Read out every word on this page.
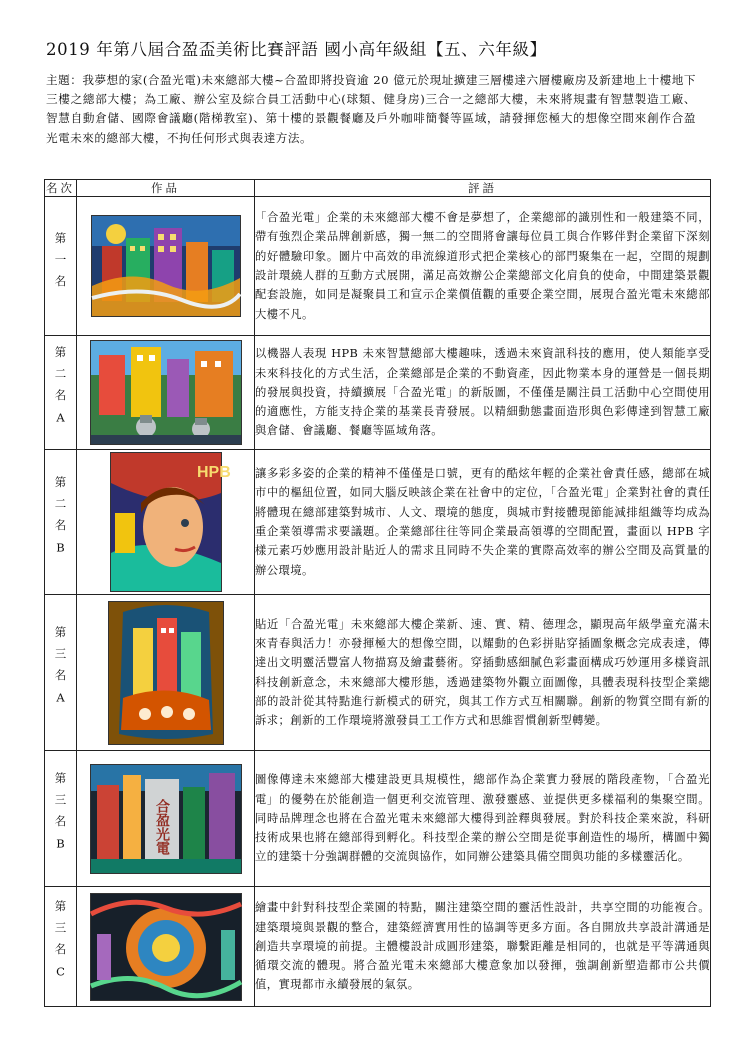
2019 年第八屆合盈盃美術比賽評語 國小高年級組【五、六年級】
主題：我夢想的家(合盈光電)未來總部大樓~合盈即將投資逾 20 億元於現址擴建三層樓達六層樓廠房及新建地上十樓地下三樓之總部大樓；為工廠、辦公室及綜合員工活動中心(球類、健身房)三合一之總部大樓，未來將規畫有智慧製造工廠、智慧自動倉儲、國際會議廳(階梯教室)、第十樓的景觀餐廳及戶外咖啡簡餐等區域，請發揮您極大的想像空間來創作合盈光電未來的總部大樓，不拘任何形式與表達方法。
名次	作品	評語
第一名		「合盈光電」企業的未來總部大樓不會是夢想了，企業總部的識別性和一般建築不同，帶有強烈企業品牌創新感，獨一無二的空間將會讓每位員工與合作夥伴對企業留下深刻的好體驗印象。圖片中高效的串流線道形式把企業核心的部門聚集在一起，空間的規劃設計環繞人群的互動方式展開，滿足高效辦公企業總部文化肩負的使命，中間建築景觀配套設施，如同是凝聚員工和宣示企業價值觀的重要企業空間，展現合盈光電未來總部大樓不凡。
第二名A		以機器人表現 HPB 未來智慧總部大樓趣味，透過未來資訊科技的應用，使人類能享受未來科技化的方式生活，企業總部是企業的不動資產，因此物業本身的運營是一個長期的發展與投資，持續擴展「合盈光電」的新版圖，不僅僅是關注員工活動中心空間使用的適應性，方能支持企業的基業長青發展。以精細動態畫面造形與色彩傳達到智慧工廠與倉儲、會議廳、餐廳等區域角落。
第二名B	HPB	讓多彩多姿的企業的精神不僅僅是口號，更有的酷炫年輕的企業社會責任感，總部在城市中的樞紐位置，如同大腦反映該企業在社會中的定位，「合盈光電」企業對社會的責任將體現在總部建築對城市、人文、環境的態度，與城市對接體現節能減排組織等均成為重企業領導需求要議題。企業總部往往等同企業最高領導的空間配置，畫面以 HPB 字樣元素巧妙應用設計貼近人的需求且同時不失企業的實際高效率的辦公空間及高質量的辦公環境。
第三名A		貼近「合盈光電」未來總部大樓企業新、速、實、精、德理念，顯現高年級學童充滿未來青春與活力！亦發揮極大的想像空間，以耀動的色彩拼貼穿插圖象概念完成表達，傳達出文明靈活豐富人物描寫及繪畫藝術。穿插動感細膩色彩畫面構成巧妙運用多樣資訊科技創新意念，未來總部大樓形態，透過建築物外觀立面圖像，具體表現科技型企業總部的設計從其特點進行新模式的研究，與其工作方式互相關聯。創新的物質空間有新的訴求；創新的工作環境將激發員工工作方式和思維習慣創新型轉變。
第三名B	合盈光電	圖像傳達未來總部大樓建設更具規模性，總部作為企業實力發展的階段產物，「合盈光電」的優勢在於能創造一個更利交流管理、激發靈感、並提供更多樣福利的集聚空間。同時品牌理念也將在合盈光電未來總部大樓得到詮釋與發展。對於科技企業來說，科研技術成果也將在總部得到孵化。科技型企業的辦公空間是從事創造性的場所，構圖中獨立的建築十分強調群體的交流與協作，如同辦公建築具備空間與功能的多樣靈活化。
第三名C		繪畫中針對科技型企業園的特點，關注建築空間的靈活性設計，共享空間的功能複合。建築環境與景觀的整合，建築經濟實用性的協調等更多方面。各自開放共享設計溝通是創造共享環境的前提。主體樓設計成圓形建築，聯繫距離是相同的，也就是平等溝通與循環交流的體現。將合盈光電未來總部大樓意象加以發揮，強調創新塑造都市公共價值，實現都市永續發展的氣氛。
